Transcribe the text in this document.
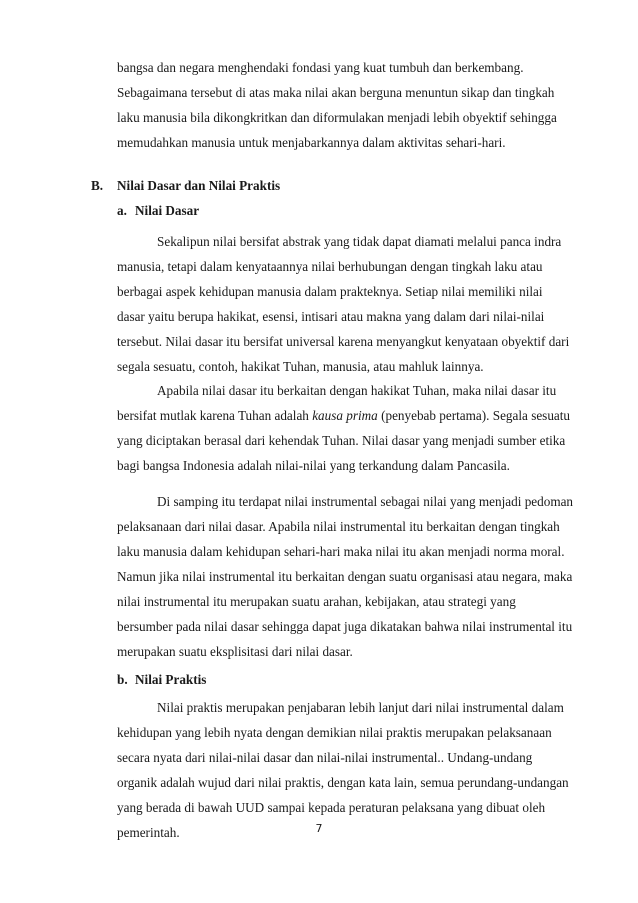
bangsa dan negara menghendaki fondasi yang kuat tumbuh dan berkembang.
Sebagaimana tersebut di atas maka nilai akan berguna menuntun sikap dan tingkah
laku manusia bila dikongkritkan dan diformulakan menjadi lebih obyektif sehingga
memudahkan manusia untuk menjabarkannya dalam aktivitas sehari-hari.
B. Nilai Dasar dan Nilai Praktis
a. Nilai Dasar
Sekalipun nilai bersifat abstrak yang tidak dapat diamati melalui panca indra
manusia, tetapi dalam kenyataannya nilai berhubungan dengan tingkah laku atau
berbagai aspek kehidupan manusia dalam prakteknya. Setiap nilai memiliki nilai
dasar yaitu berupa hakikat, esensi, intisari atau makna yang dalam dari nilai-nilai
tersebut. Nilai dasar itu bersifat universal karena menyangkut kenyataan obyektif dari
segala sesuatu, contoh, hakikat Tuhan, manusia, atau mahluk lainnya.
Apabila nilai dasar itu berkaitan dengan hakikat Tuhan, maka nilai dasar itu
bersifat mutlak karena Tuhan adalah kausa prima (penyebab pertama). Segala sesuatu
yang diciptakan berasal dari kehendak Tuhan. Nilai dasar yang menjadi sumber etika
bagi bangsa Indonesia adalah nilai-nilai yang terkandung dalam Pancasila.
Di samping itu terdapat nilai instrumental sebagai nilai yang menjadi pedoman
pelaksanaan dari nilai dasar. Apabila nilai instrumental itu berkaitan dengan tingkah
laku manusia dalam kehidupan sehari-hari maka nilai itu akan menjadi norma moral.
Namun jika nilai instrumental itu berkaitan dengan suatu organisasi atau negara, maka
nilai instrumental itu merupakan suatu arahan, kebijakan, atau strategi yang
bersumber pada nilai dasar sehingga dapat juga dikatakan bahwa nilai instrumental itu
merupakan suatu eksplisitasi dari nilai dasar.
b. Nilai Praktis
Nilai praktis merupakan penjabaran lebih lanjut dari nilai instrumental dalam
kehidupan yang lebih nyata dengan demikian nilai praktis merupakan pelaksanaan
secara nyata dari nilai-nilai dasar dan nilai-nilai instrumental.. Undang-undang
organik adalah wujud dari nilai praktis, dengan kata lain, semua perundang-undangan
yang berada di bawah UUD sampai kepada peraturan pelaksana yang dibuat oleh
pemerintah.	7
